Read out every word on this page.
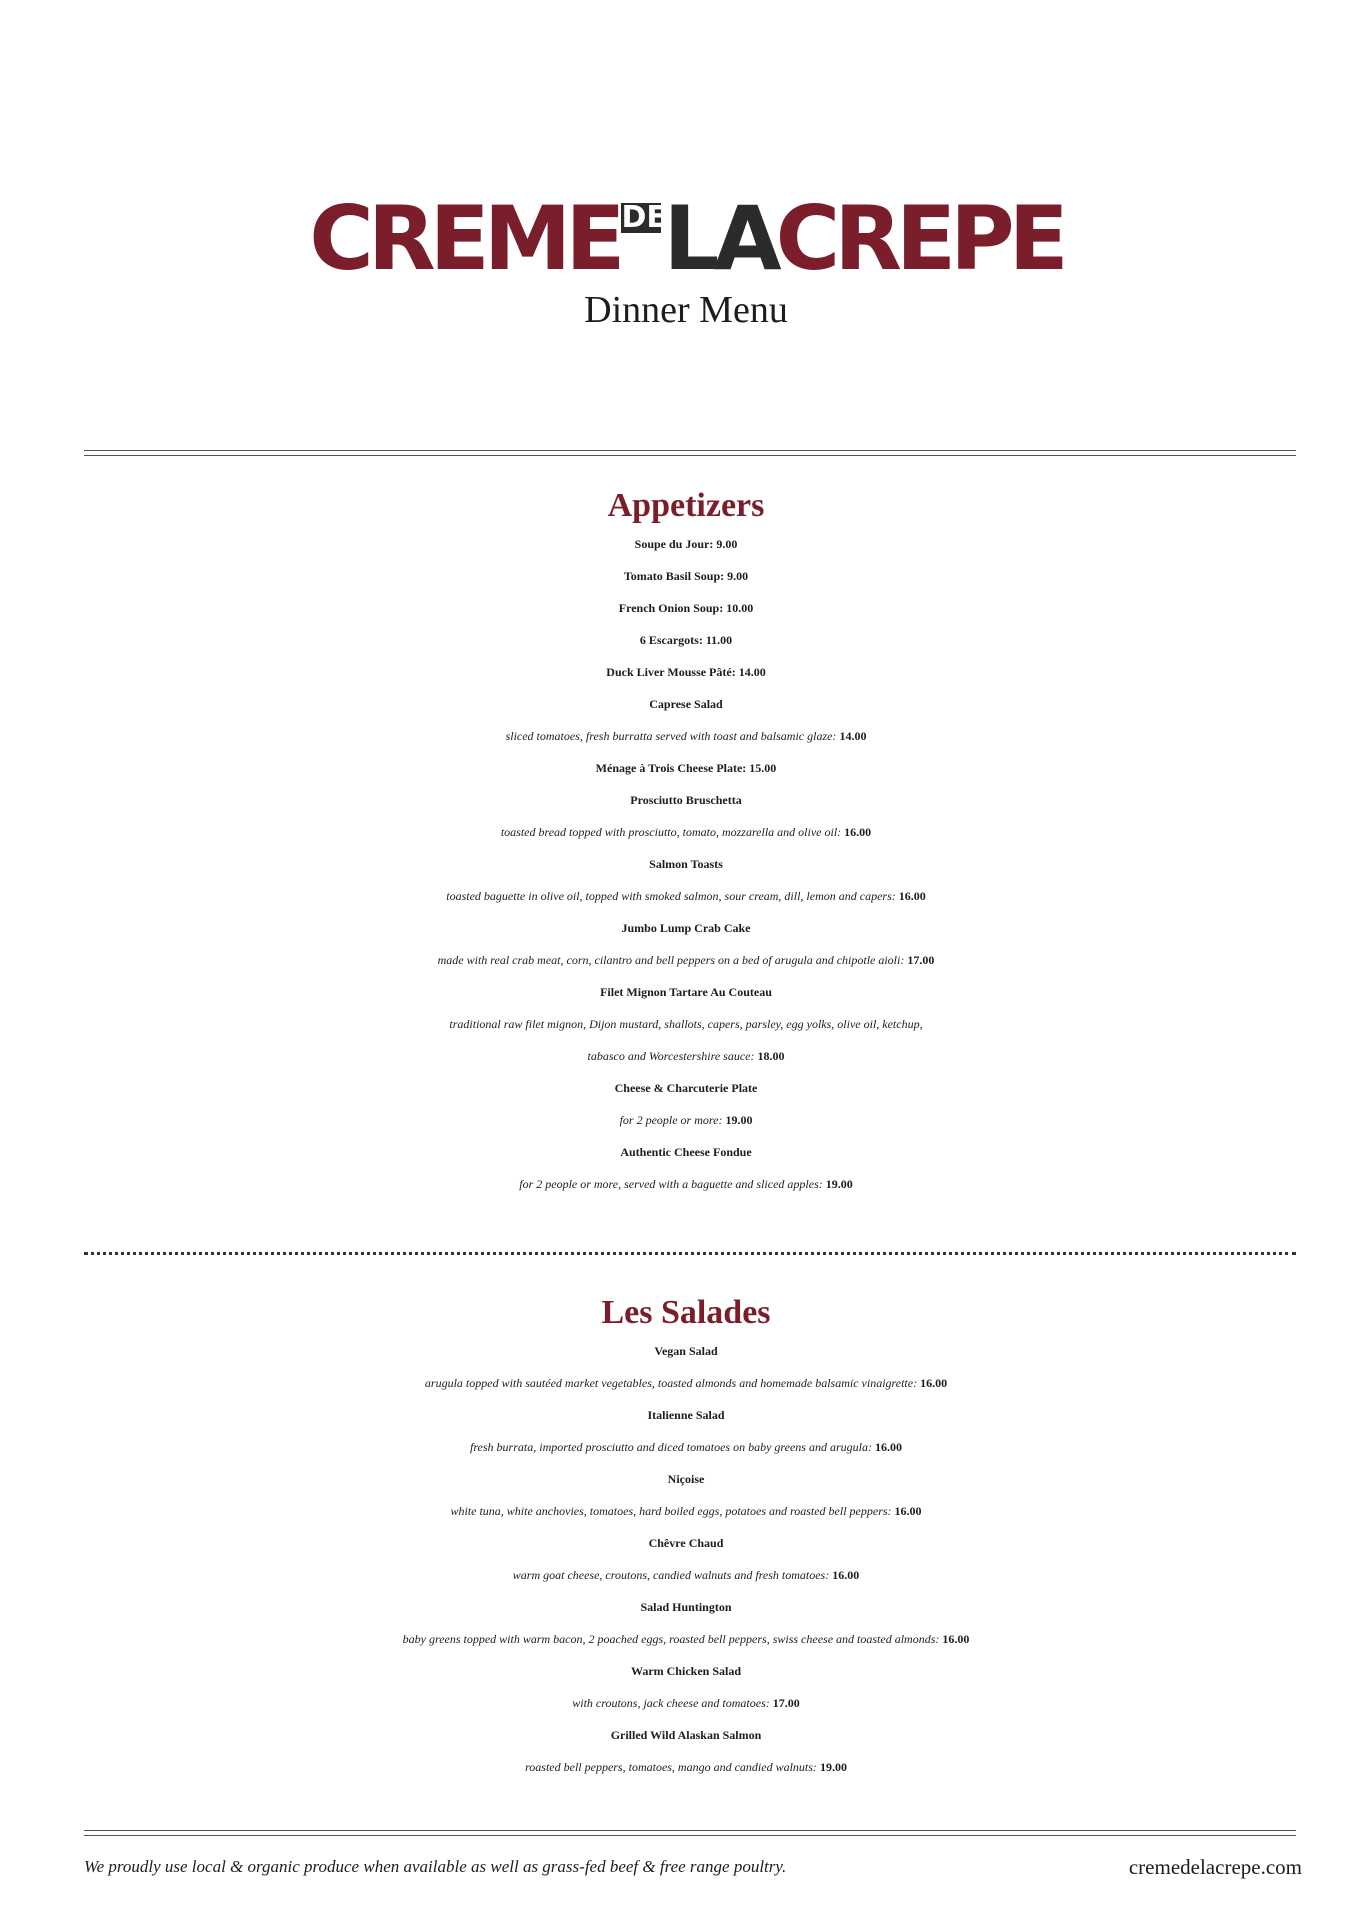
CREME DE
LACREPE
Dinner Menu
Appetizers

Soupe du Jour: 9.00

Tomato Basil Soup: 9.00

French Onion Soup: 10.00

6 Escargots: 11.00

Duck Liver Mousse Pâté: 14.00

Caprese Salad

sliced tomatoes, fresh burratta served with toast and balsamic glaze: 14.00

Ménage à Trois Cheese Plate: 15.00

Prosciutto Bruschetta

toasted bread topped with prosciutto, tomato, mozzarella and olive oil: 16.00

Salmon Toasts

toasted baguette in olive oil, topped with smoked salmon, sour cream, dill, lemon and capers: 16.00

Jumbo Lump Crab Cake

made with real crab meat, corn, cilantro and bell peppers on a bed of arugula and chipotle aioli: 17.00

Filet Mignon Tartare Au Couteau

traditional raw filet mignon, Dijon mustard, shallots, capers, parsley, egg yolks, olive oil, ketchup,

tabasco and Worcestershire sauce: 18.00

Cheese & Charcuterie Plate

for 2 people or more: 19.00

Authentic Cheese Fondue

for 2 people or more, served with a baguette and sliced apples: 19.00

Les Salades

Vegan Salad

arugula topped with sautéed market vegetables, toasted almonds and homemade balsamic vinaigrette: 16.00

Italienne Salad

fresh burrata, imported prosciutto and diced tomatoes on baby greens and arugula: 16.00

Niçoise

white tuna, white anchovies, tomatoes, hard boiled eggs, potatoes and roasted bell peppers: 16.00

Chêvre Chaud

warm goat cheese, croutons, candied walnuts and fresh tomatoes: 16.00

Salad Huntington

baby greens topped with warm bacon, 2 poached eggs, roasted bell peppers, swiss cheese and toasted almonds: 16.00

Warm Chicken Salad

with croutons, jack cheese and tomatoes: 17.00

Grilled Wild Alaskan Salmon

roasted bell peppers, tomatoes, mango and candied walnuts: 19.00

We proudly use local & organic produce when available as well as grass-fed beef & free range poultry.	cremedelacrepe.com
